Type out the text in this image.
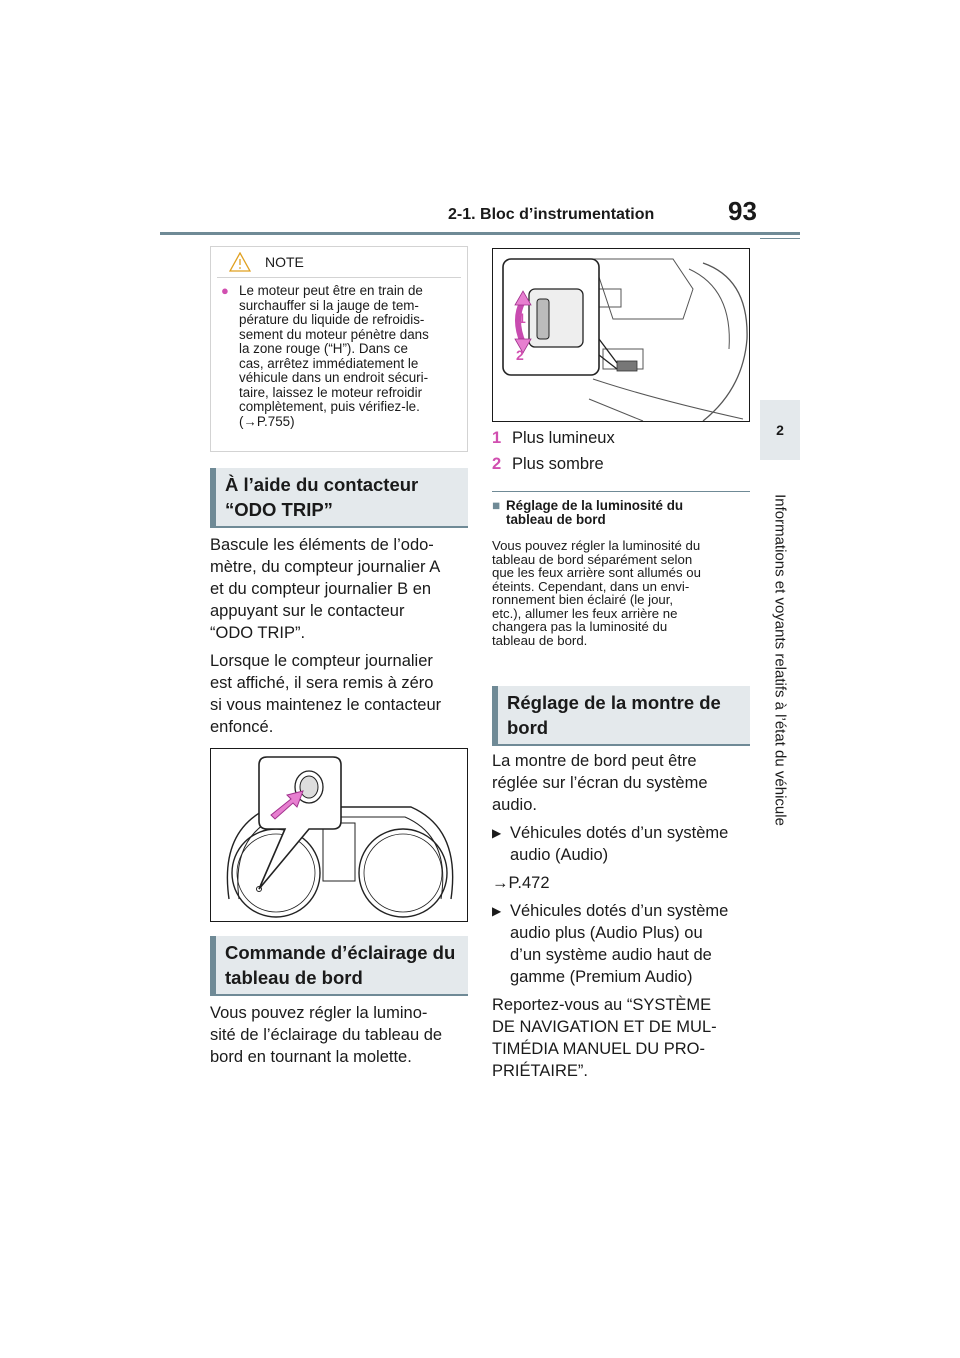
2-1. Bloc d’instrumentation	93
2
Informations et voyants relatifs à l’état du véhicule
NOTE
● Le moteur peut être en train de
surchauffer si la jauge de tem-
pérature du liquide de refroidis-
sement du moteur pénètre dans
la zone rouge (“H”). Dans ce
cas, arrêtez immédiatement le
véhicule dans un endroit sécuri-
taire, laissez le moteur refroidir
complètement, puis vérifiez-le.
(→P.755)
À l’aide du contacteur
“ODO TRIP”
Bascule les éléments de l’odo-
mètre, du compteur journalier A
et du compteur journalier B en
appuyant sur le contacteur
“ODO TRIP”.
Lorsque le compteur journalier
est affiché, il sera remis à zéro
si vous maintenez le contacteur
enfoncé.
Commande d’éclairage du
tableau de bord
Vous pouvez régler la lumino-
sité de l’éclairage du tableau de
bord en tournant la molette.
1
2
1 Plus lumineux
2 Plus sombre
■ Réglage de la luminosité du
tableau de bord
Vous pouvez régler la luminosité du
tableau de bord séparément selon
que les feux arrière sont allumés ou
éteints. Cependant, dans un envi-
ronnement bien éclairé (le jour,
etc.), allumer les feux arrière ne
changera pas la luminosité du
tableau de bord.
Réglage de la montre de
bord
La montre de bord peut être
réglée sur l’écran du système
audio.
▶ Véhicules dotés d’un système
audio (Audio)
→P.472
▶ Véhicules dotés d’un système
audio plus (Audio Plus) ou
d’un système audio haut de
gamme (Premium Audio)
Reportez-vous au “SYSTÈME
DE NAVIGATION ET DE MUL-
TIMÉDIA MANUEL DU PRO-
PRIÉTAIRE”.
